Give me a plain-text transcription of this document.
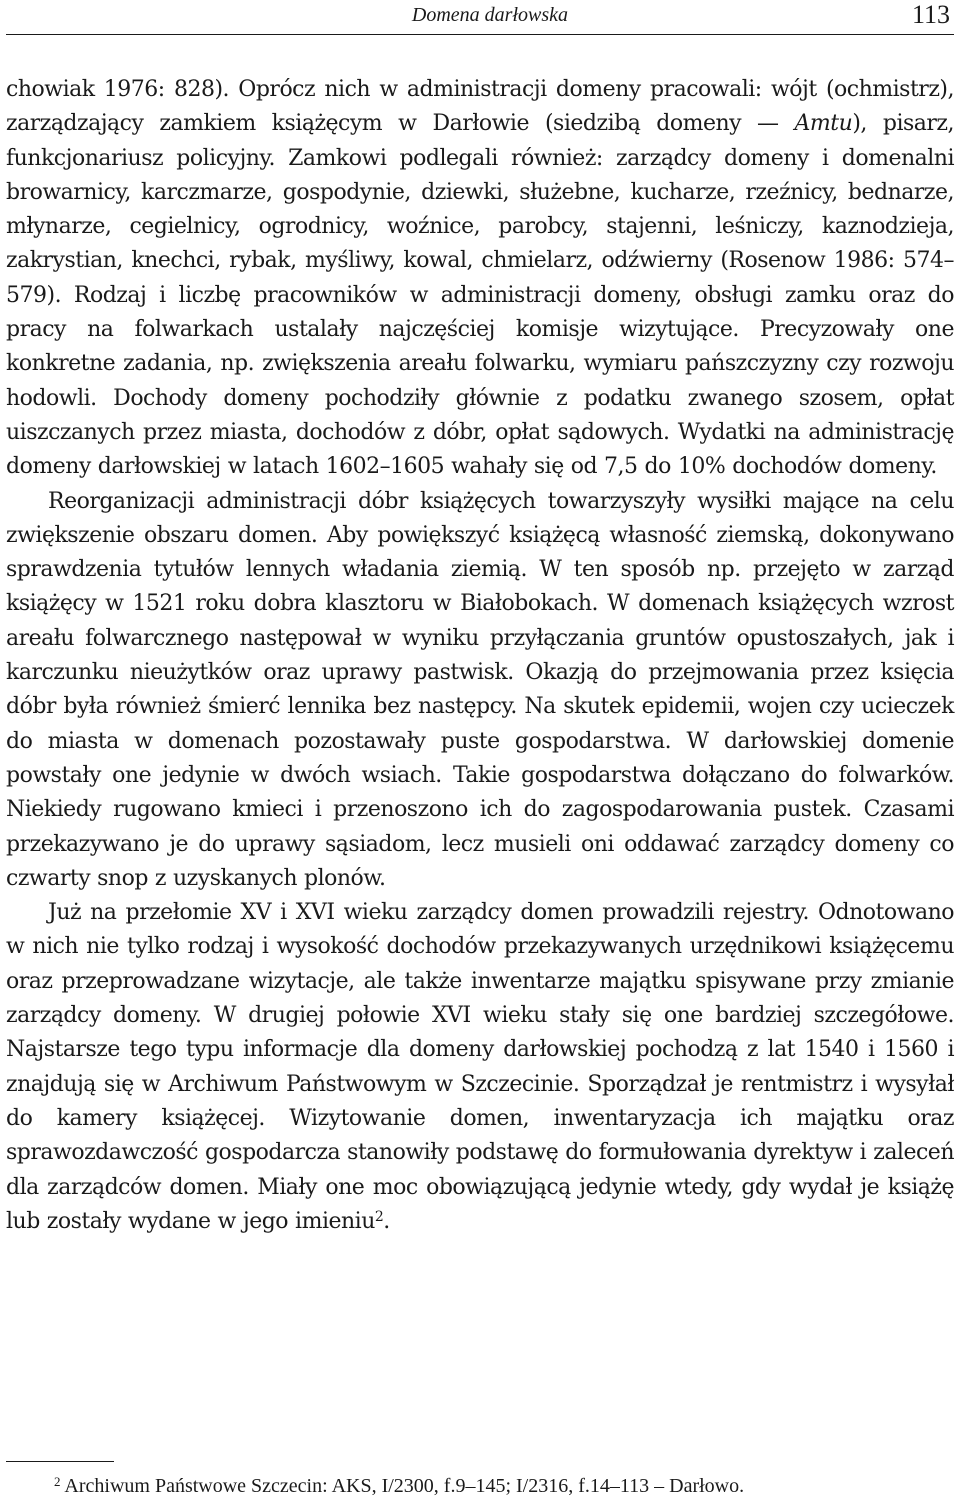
Domena darłowska	113

chowiak 1976: 828). Oprócz nich w administracji domeny pracowali: wójt (ochmistrz), zarządzający zamkiem książęcym w Darłowie (siedzibą domeny — Amtu), pisarz, funkcjonariusz policyjny. Zamkowi podlegali również: zarządcy domeny i domenalni browarnicy, karczmarze, gospodynie, dziewki, służebne, kucharze, rzeźnicy, bednarze, młynarze, cegielnicy, ogrodnicy, woźnice, parobcy, stajenni, leśniczy, kaznodzieja, zakrystian, knechci, rybak, myśliwy, kowal, chmielarz, odźwierny (Rosenow 1986: 574–579). Rodzaj i liczbę pracowników w administracji domeny, obsługi zamku oraz do pracy na folwarkach ustalały najczęściej komisje wizytujące. Precyzowały one konkretne zadania, np. zwiększenia areału folwarku, wymiaru pańszczyzny czy rozwoju hodowli. Dochody domeny pochodziły głównie z podatku zwanego szosem, opłat uiszczanych przez miasta, dochodów z dóbr, opłat sądowych. Wydatki na administrację domeny darłowskiej w latach 1602–1605 wahały się od 7,5 do 10% dochodów domeny.

Reorganizacji administracji dóbr książęcych towarzyszyły wysiłki mające na celu zwiększenie obszaru domen. Aby powiększyć książęcą własność ziemską, dokonywano sprawdzenia tytułów lennych władania ziemią. W ten sposób np. przejęto w zarząd książęcy w 1521 roku dobra klasztoru w Białobokach. W domenach książęcych wzrost areału folwarcznego następował w wyniku przyłączania gruntów opustoszałych, jak i karczunku nieużytków oraz uprawy pastwisk. Okazją do przejmowania przez księcia dóbr była również śmierć lennika bez następcy. Na skutek epidemii, wojen czy ucieczek do miasta w domenach pozostawały puste gospodarstwa. W darłowskiej domenie powstały one jedynie w dwóch wsiach. Takie gospodarstwa dołączano do folwarków. Niekiedy rugowano kmieci i przenoszono ich do zagospodarowania pustek. Czasami przekazywano je do uprawy sąsiadom, lecz musieli oni oddawać zarządcy domeny co czwarty snop z uzyskanych plonów.

Już na przełomie XV i XVI wieku zarządcy domen prowadzili rejestry. Odnotowano w nich nie tylko rodzaj i wysokość dochodów przekazywanych urzędnikowi książęcemu oraz przeprowadzane wizytacje, ale także inwentarze majątku spisywane przy zmianie zarządcy domeny. W drugiej połowie XVI wieku stały się one bardziej szczegółowe. Najstarsze tego typu informacje dla domeny darłowskiej pochodzą z lat 1540 i 1560 i znajdują się w Archiwum Państwowym w Szczecinie. Sporządzał je rentmistrz i wysyłał do kamery książęcej. Wizytowanie domen, inwentaryzacja ich majątku oraz sprawozdawczość gospodarcza stanowiły podstawę do formułowania dyrektyw i zaleceń dla zarządców domen. Miały one moc obowiązującą jedynie wtedy, gdy wydał je książę lub zostały wydane w jego imieniu$^2$.

$^2$ Archiwum Państwowe Szczecin: AKS, I/2300, f.9–145; I/2316, f.14–113 – Darłowo.
